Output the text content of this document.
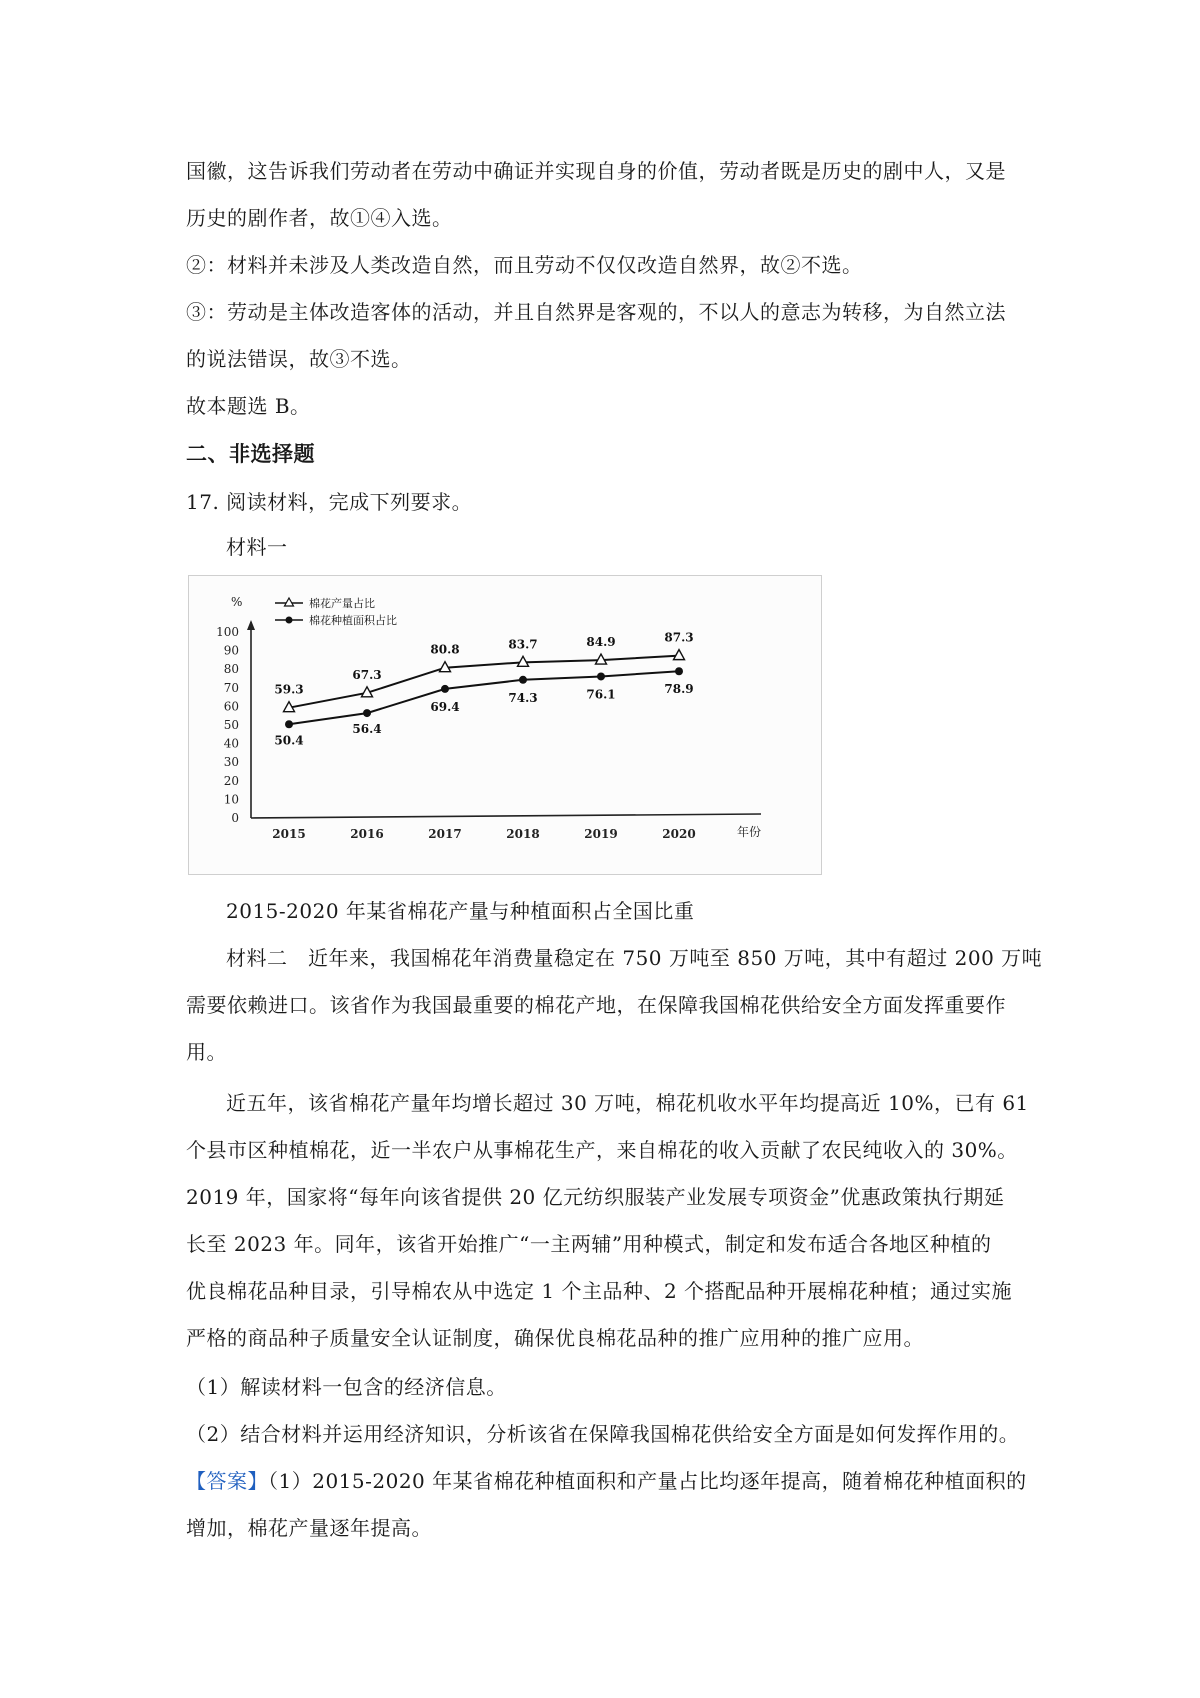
国徽，这告诉我们劳动者在劳动中确证并实现自身的价值，劳动者既是历史的剧中人，又是
历史的剧作者，故①④入选。
②：材料并未涉及人类改造自然，而且劳动不仅仅改造自然界，故②不选。
③：劳动是主体改造客体的活动，并且自然界是客观的，不以人的意志为转移，为自然立法
的说法错误，故③不选。
故本题选 B。
二、非选择题
17. 阅读材料，完成下列要求。
材料一
0
10
20
30
40
50
60
70
80
90
100
%
2015	2016	2017	2018	2019	2020	年份
59.3
67.3
80.8	83.7	84.9	87.3
50.4
56.4
69.4
74.3	76.1	78.9
棉花产量占比
棉花种植面积占比
2015-2020 年某省棉花产量与种植面积占全国比重
材料二　近年来，我国棉花年消费量稳定在 750 万吨至 850 万吨，其中有超过 200 万吨
需要依赖进口。该省作为我国最重要的棉花产地，在保障我国棉花供给安全方面发挥重要作
用。
近五年，该省棉花产量年均增长超过 30 万吨，棉花机收水平年均提高近 10%，已有 61
个县市区种植棉花，近一半农户从事棉花生产，来自棉花的收入贡献了农民纯收入的 30%。
2019 年，国家将“每年向该省提供 20 亿元纺织服装产业发展专项资金”优惠政策执行期延
长至 2023 年。同年，该省开始推广“一主两辅”用种模式，制定和发布适合各地区种植的
优良棉花品种目录，引导棉农从中选定 1 个主品种、2 个搭配品种开展棉花种植；通过实施
严格的商品种子质量安全认证制度，确保优良棉花品种的推广应用种的推广应用。
（1）解读材料一包含的经济信息。
（2）结合材料并运用经济知识，分析该省在保障我国棉花供给安全方面是如何发挥作用的。
【答案】（1）2015-2020 年某省棉花种植面积和产量占比均逐年提高，随着棉花种植面积的
增加，棉花产量逐年提高。
